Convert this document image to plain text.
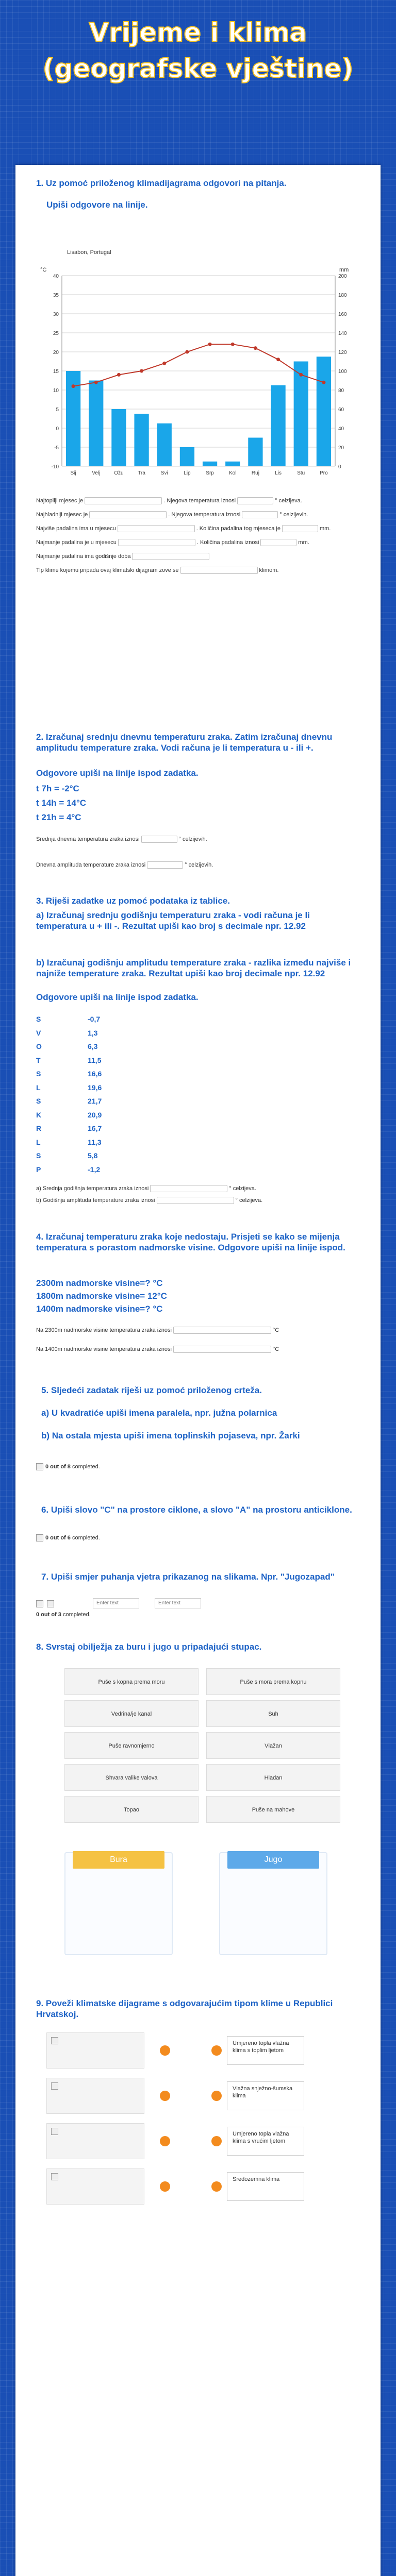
Vrijeme i klima
(geografske vještine)
1. Uz pomoć priloženog klimadijagrama odgovori na pitanja.
Upiši odgovore na linije.
Lisabon, Portugal
°C	mm
40	200
35	180
30	160
25	140
20	120
15	100
10	80
5	60
0	40
-5	20
-10	0
Sij	Velj	Ožu	Tra	Svi	Lip	Srp	Kol	Ruj	Lis	Stu	Pro
Najtopliji mjesec je	. Njegova temperatura iznosi	° celzijeva.
Najhladniji mjesec je	. Njegova temperatura iznosi	° celzijevih.
Najviše padalina ima u mjesecu	. Količina padalina tog mjeseca je	mm.
Najmanje padalina je u mjesecu	. Količina padalina iznosi	mm.
Najmanje padalina ima godišnje doba
Tip klime kojemu pripada ovaj klimatski dijagram zove se	klimom.
2. Izračunaj srednju dnevnu temperaturu zraka. Zatim izračunaj dnevnu amplitudu temperature zraka. Vodi računa je li temperatura u - ili +.
Odgovore upiši na linije ispod zadatka.
t 7h = -2°C
t 14h = 14°C
t 21h = 4°C
Srednja dnevna temperatura zraka iznosi	° celzijevih.
Dnevna amplituda temperature zraka iznosi	° celzijevih.
3. Riješi zadatke uz pomoć podataka iz tablice.
a) Izračunaj srednju godišnju temperaturu zraka - vodi računa je li temperatura u + ili -. Rezultat upiši kao broj s decimale npr. 12.92
b) Izračunaj godišnju amplitudu temperature zraka - razlika između najviše i najniže temperature zraka. Rezultat upiši kao broj decimale npr. 12.92
Odgovore upiši na linije ispod zadatka.
S	-0,7
V	1,3
O	6,3
T	11,5
S	16,6
L	19,6
S	21,7
K	20,9
R	16,7
L	11,3
S	5,8
P	-1,2
a) Srednja godišnja temperatura zraka iznosi	° celzijeva.
b) Godišnja amplituda temperature zraka iznosi	° celzijeva.
4. Izračunaj temperaturu zraka koje nedostaju. Prisjeti se kako se mijenja temperatura s porastom nadmorske visine. Odgovore upiši na linije ispod.
2300m nadmorske visine=? °C
1800m nadmorske visine= 12°C
1400m nadmorske visine=? °C
Na 2300m nadmorske visine temperatura zraka iznosi	°C
Na 1400m nadmorske visine temperatura zraka iznosi	°C
5. Sljedeći zadatak riješi uz pomoć priloženog crteža.
a) U kvadratiće upiši imena paralela, npr. južna polarnica
b) Na ostala mjesta upiši imena toplinskih pojaseva, npr. Žarki
0 out of 8 completed.
6. Upiši slovo "C" na prostore ciklone, a slovo "A" na prostoru anticiklone.
0 out of 6 completed.
7. Upiši smjer puhanja vjetra prikazanog na slikama. Npr. "Jugozapad"

Enter text	Enter text
0 out of 3 completed.
8. Svrstaj obilježja za buru i jugo u pripadajući stupac.
Puše s kopna prema moru	Puše s mora prema kopnu
Vedrina/je kanal	Suh
Puše ravnomjerno	Vlažan
Shvara valike valova	Hladan
Topao	Puše na mahove
Bura	Jugo
9. Poveži klimatske dijagrame s odgovarajućim tipom klime u Republici Hrvatskoj.
Umjereno topla vlažna klima s toplim ljetom
Vlažna snježno-šumska klima
Umjereno topla vlažna klima s vrućim ljetom
Sredozemna klima
